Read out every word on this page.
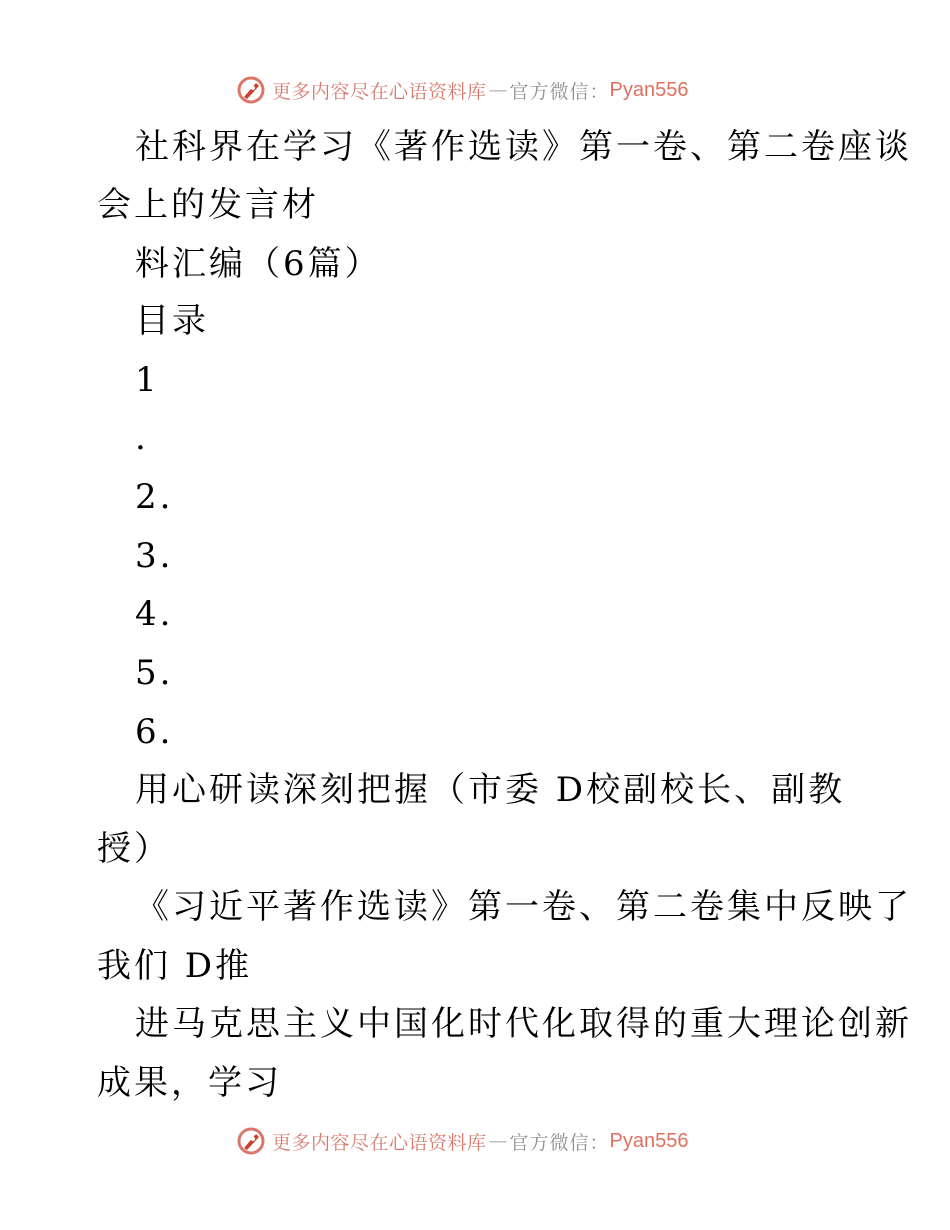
更多内容尽在心语资料库 — 官方微信： Pyan556
社科界在学习《著作选读》第一卷、第二卷座谈
会上的发言材
料汇编（6篇）
目录
1
.
2.
3.
4.
5.
6.
用心研读深刻把握（市委 D校副校长、副教
授）
《习近平著作选读》第一卷、第二卷集中反映了
我们 D推
进马克思主义中国化时代化取得的重大理论创新
成果，学习
更多内容尽在心语资料库 — 官方微信： Pyan556
